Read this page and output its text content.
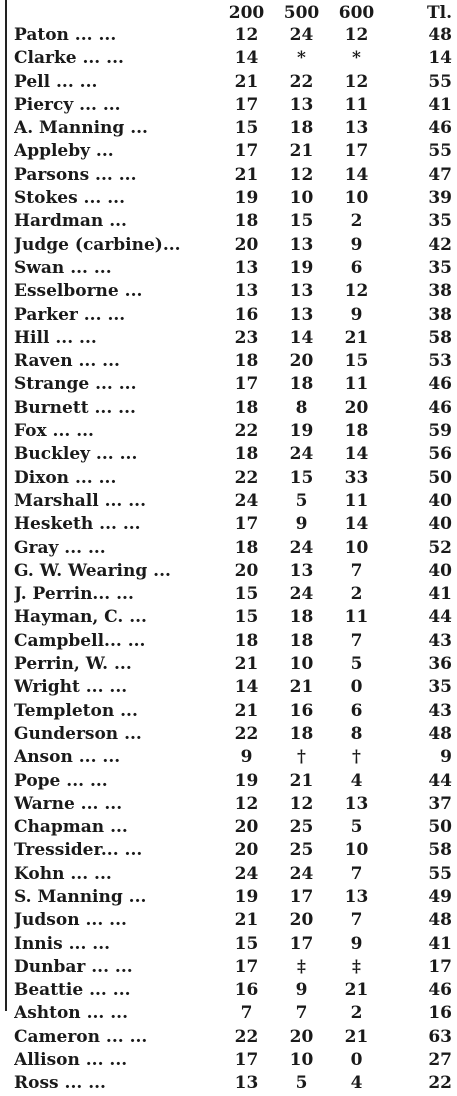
	200	500	600	Tl.
Paton ... ...	12	24	12	48
Clarke ... ...	14	*	*	14
Pell ... ...	21	22	12	55
Piercy ... ...	17	13	11	41
A. Manning ...	15	18	13	46
Appleby ...	17	21	17	55
Parsons ... ...	21	12	14	47
Stokes ... ...	19	10	10	39
Hardman ...	18	15	2	35
Judge (carbine)...	20	13	9	42
Swan ... ...	13	19	6	35
Esselborne ...	13	13	12	38
Parker ... ...	16	13	9	38
Hill ... ...	23	14	21	58
Raven ... ...	18	20	15	53
Strange ... ...	17	18	11	46
Burnett ... ...	18	8	20	46
Fox ... ...	22	19	18	59
Buckley ... ...	18	24	14	56
Dixon ... ...	22	15	33	50
Marshall ... ...	24	5	11	40
Hesketh ... ...	17	9	14	40
Gray ... ...	18	24	10	52
G. W. Wearing ...	20	13	7	40
J. Perrin... ...	15	24	2	41
Hayman, C. ...	15	18	11	44
Campbell... ...	18	18	7	43
Perrin, W. ...	21	10	5	36
Wright ... ...	14	21	0	35
Templeton ...	21	16	6	43
Gunderson ...	22	18	8	48
Anson ... ...	9	†	†	9
Pope ... ...	19	21	4	44
Warne ... ...	12	12	13	37
Chapman ...	20	25	5	50
Tressider... ...	20	25	10	58
Kohn ... ...	24	24	7	55
S. Manning ...	19	17	13	49
Judson ... ...	21	20	7	48
Innis ... ...	15	17	9	41
Dunbar ... ...	17	‡	‡	17
Beattie ... ...	16	9	21	46
Ashton ... ...	7	7	2	16
Cameron ... ...	22	20	21	63
Allison ... ...	17	10	0	27
Ross ... ...	13	5	4	22
